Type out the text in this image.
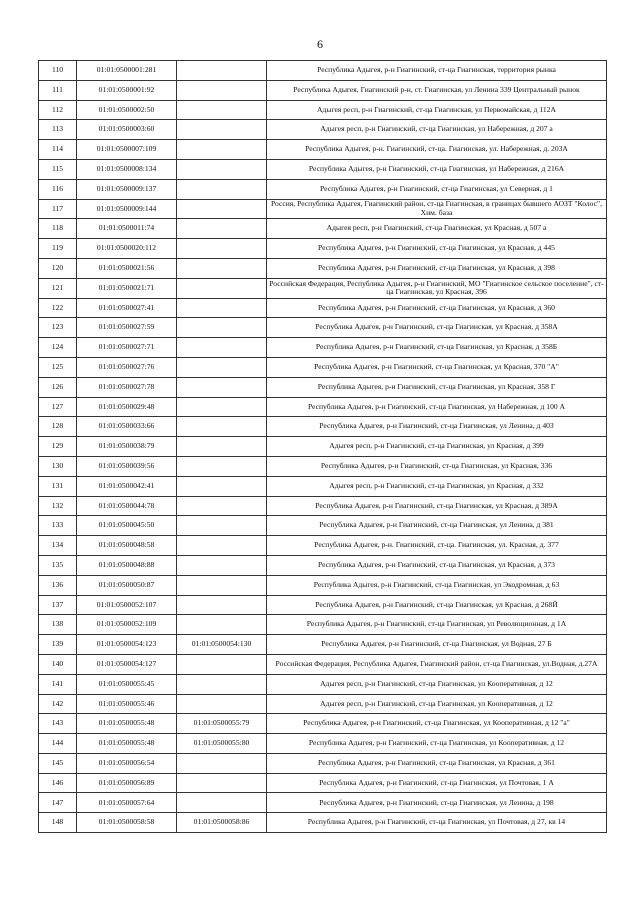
6
110	01:01:0500001:281		Республика Адыгея, р-н Гиагинский, ст-ца Гиагинская, территория рынка
111	01:01:0500001:92		Республика Адыгея, Гиагинский р-н, ст. Гиагинская, ул Ленина 339 Центральный рынок
112	01:01:0500002:50		Адыгея респ, р-н Гиагинский, ст-ца Гиагинская, ул Первомайская, д 112А
113	01:01:0500003:60		Адыгея респ, р-н Гиагинский, ст-ца Гиагинская, ул Набережная, д 207 а
114	01:01:0500007:109		Республика Адыгея, р-н. Гиагинский, ст-ца. Гиагинская, ул. Набережная, д. 203А
115	01:01:0500008:134		Республика Адыгея, р-н Гиагинский, ст-ца Гиагинская, ул Набережная, д 216А
116	01:01:0500009:137		Республика Адыгея, р-н Гиагинский, ст-ца Гиагинская, ул Северная, д 1
117	01:01:0500009:144		Россия, Республика Адыгея, Гиагинский район, ст-ца Гиагинская, в границах бывшего АОЗТ "Колос", Хим. база
118	01:01:0500011:74		Адыгея респ, р-н Гиагинский, ст-ца Гиагинская, ул Красная, д 507 а
119	01:01:0500020:112		Республика Адыгея, р-н Гиагинский, ст-ца Гиагинская, ул Красная, д 445
120	01:01:0500021:56		Республика Адыгея, р-н Гиагинский, ст-ца Гиагинская, ул Красная, д 398
121	01:01:0500021:71		Российская Федерация, Республика Адыгея, р-н Гиагинский, МО "Гиагинское сельское поселение", ст-ца Гиагинская, ул Красная, 396
122	01:01:0500027:41		Республика Адыгея, р-н Гиагинский, ст-ца Гиагинская, ул Красная, д 360
123	01:01:0500027:59		Республика Адыгея, р-н Гиагинский, ст-ца Гиагинская, ул Красная, д 358А
124	01:01:0500027:71		Республика Адыгея, р-н Гиагинский, ст-ца Гиагинская, ул Красная, д 358Б
125	01:01:0500027:76		Республика Адыгея, р-н Гиагинский, ст-ца Гиагинская, ул Красная, 370 "А"
126	01:01:0500027:78		Республика Адыгея, р-н Гиагинский, ст-ца Гиагинская, ул Красная, 358 Г
127	01:01:0500029:48		Республика Адыгея, р-н Гиагинский, ст-ца Гиагинская, ул Набережная, д 100 А
128	01:01:0500033:66		Республика Адыгея, р-н Гиагинский, ст-ца Гиагинская, ул Ленина, д 403
129	01:01:0500038:79		Адыгея респ, р-н Гиагинский, ст-ца Гиагинская, ул Красная, д 399
130	01:01:0500039:56		Республика Адыгея, р-н Гиагинский, ст-ца Гиагинская, ул Красная, 336
131	01:01:0500042:41		Адыгея респ, р-н Гиагинский, ст-ца Гиагинская, ул Красная, д 332
132	01:01:0500044:78		Республика Адыгея, р-н Гиагинский, ст-ца Гиагинская, ул Красная, д 389А
133	01:01:0500045:50		Республика Адыгея, р-н Гиагинский, ст-ца Гиагинская, ул Ленина, д 381
134	01:01:0500048:58		Республика Адыгея, р-н. Гиагинский, ст-ца. Гиагинская, ул. Красная, д. 377
135	01:01:0500048:88		Республика Адыгея, р-н Гиагинский, ст-ца Гиагинская, ул Красная, д 373
136	01:01:0500050:87		Республика Адыгея, р-н Гиагинский, ст-ца Гиагинская, ул Экодромная, д 63
137	01:01:0500052:107		Республика Адыгея, р-н Гиагинский, ст-ца Гиагинская, ул Красная, д 268Й
138	01:01:0500052:109		Республика Адыгея, р-н Гиагинский, ст-ца Гиагинская, ул Революционная, д 1А
139	01:01:0500054:123	01:01:0500054:130	Республика Адыгея, р-н Гиагинский, ст-ца Гиагинская, ул Водная, 27 Б
140	01:01:0500054:127		Российская Федерация, Республика Адыгея, Гиагинский район, ст-ца Гиагинская, ул.Водная, д.27А
141	01:01:0500055:45		Адыгея респ, р-н Гиагинский, ст-ца Гиагинская, ул Кооперативная, д 12
142	01:01:0500055:46		Адыгея респ, р-н Гиагинский, ст-ца Гиагинская, ул Кооперативная, д 12
143	01:01:0500055:48	01:01:0500055:79	Республика Адыгея, р-н Гиагинский, ст-ца Гиагинская, ул Кооперативная, д 12 "а"
144	01:01:0500055:48	01:01:0500055:80	Республика Адыгея, р-н Гиагинский, ст-ца Гиагинская, ул Кооперативная, д 12
145	01:01:0500056:54		Республика Адыгея, р-н Гиагинский, ст-ца Гиагинская, ул Красная, д 361
146	01:01:0500056:89		Республика Адыгея, р-н Гиагинский, ст-ца Гиагинская, ул Почтовая, 1 А
147	01:01:0500057:64		Республика Адыгея, р-н Гиагинский, ст-ца Гиагинская, ул Ленина, д 198
148	01:01:0500058:58	01:01:0500058:86	Республика Адыгея, р-н Гиагинский, ст-ца Гиагинская, ул Почтовая, д 27, кв 14
